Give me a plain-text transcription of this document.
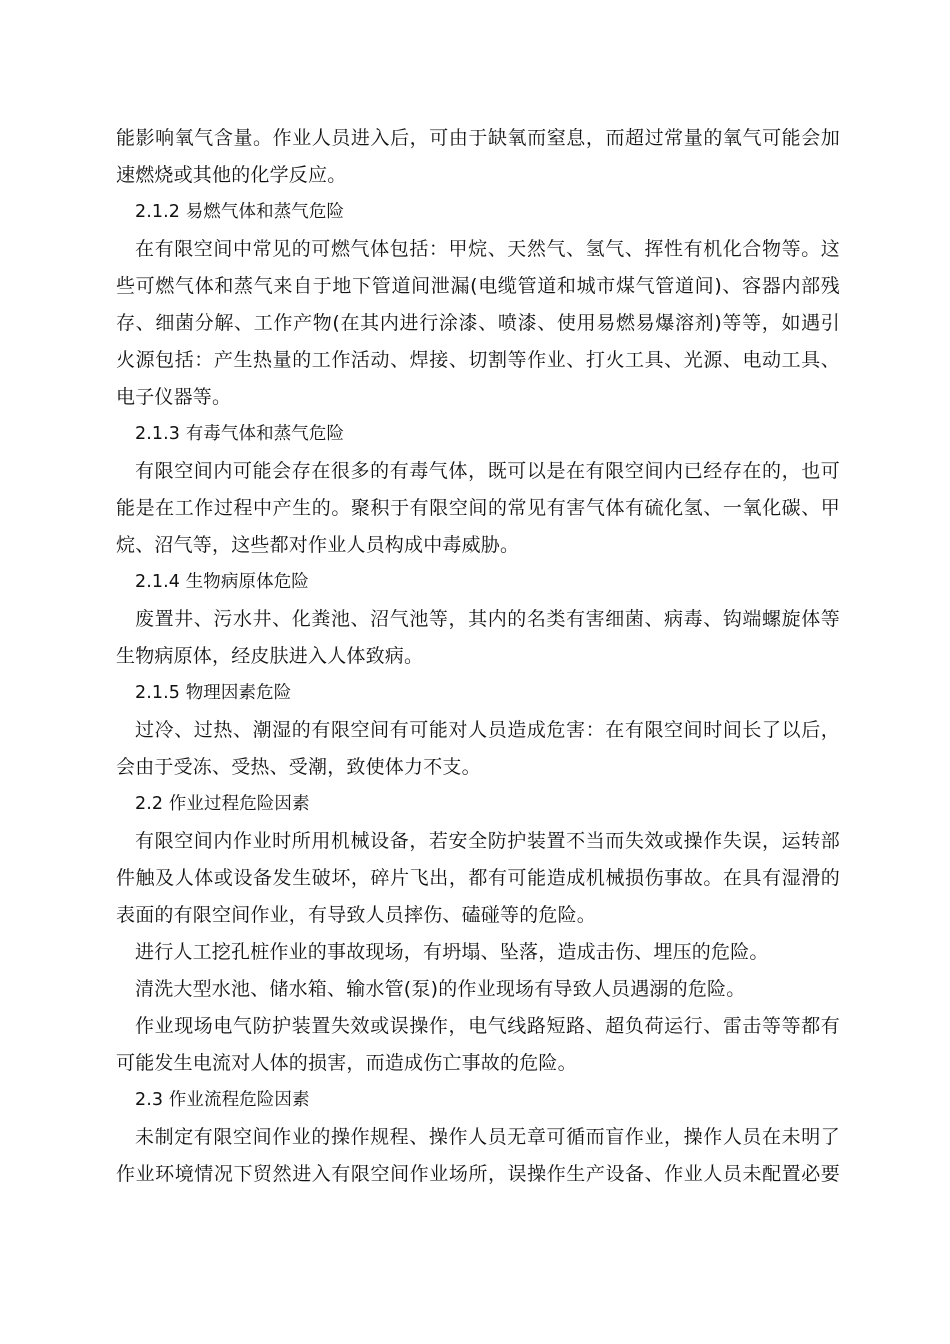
能影响氧气含量。作业人员进入后，可由于缺氧而窒息，而超过常量的氧气可能会加
速燃烧或其他的化学反应。
2.1.2 易燃气体和蒸气危险
在有限空间中常见的可燃气体包括：甲烷、天然气、氢气、挥性有机化合物等。这
些可燃气体和蒸气来自于地下管道间泄漏(电缆管道和城市煤气管道间)、容器内部残
存、细菌分解、工作产物(在其内进行涂漆、喷漆、使用易燃易爆溶剂)等等，如遇引
火源包括：产生热量的工作活动、焊接、切割等作业、打火工具、光源、电动工具、
电子仪器等。
2.1.3 有毒气体和蒸气危险
有限空间内可能会存在很多的有毒气体，既可以是在有限空间内已经存在的，也可
能是在工作过程中产生的。聚积于有限空间的常见有害气体有硫化氢、一氧化碳、甲
烷、沼气等，这些都对作业人员构成中毒威胁。
2.1.4 生物病原体危险
废置井、污水井、化粪池、沼气池等，其内的名类有害细菌、病毒、钩端螺旋体等
生物病原体，经皮肤进入人体致病。
2.1.5 物理因素危险
过冷、过热、潮湿的有限空间有可能对人员造成危害：在有限空间时间长了以后，
会由于受冻、受热、受潮，致使体力不支。
2.2 作业过程危险因素
有限空间内作业时所用机械设备，若安全防护装置不当而失效或操作失误，运转部
件触及人体或设备发生破坏，碎片飞出，都有可能造成机械损伤事故。在具有湿滑的
表面的有限空间作业，有导致人员摔伤、磕碰等的危险。
进行人工挖孔桩作业的事故现场，有坍塌、坠落，造成击伤、埋压的危险。
清洗大型水池、储水箱、输水管(泵)的作业现场有导致人员遇溺的危险。
作业现场电气防护装置失效或误操作，电气线路短路、超负荷运行、雷击等等都有
可能发生电流对人体的损害，而造成伤亡事故的危险。
2.3 作业流程危险因素
未制定有限空间作业的操作规程、操作人员无章可循而盲作业，操作人员在未明了
作业环境情况下贸然进入有限空间作业场所，误操作生产设备、作业人员未配置必要
